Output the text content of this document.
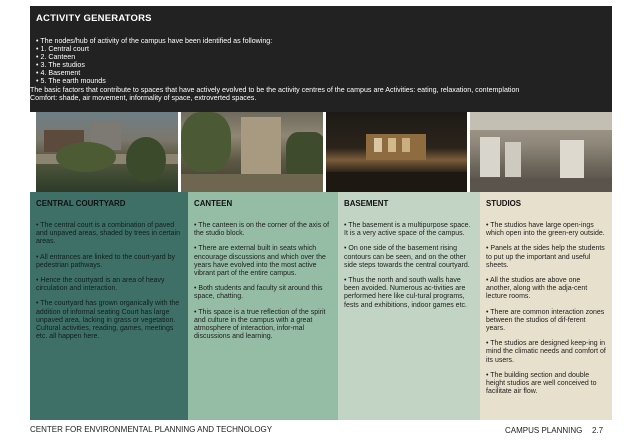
ACTIVITY GENERATORS
• The nodes/hub of activity of the campus have been identified as following:
• 1. Central court
• 2. Canteen
• 3. The studios
• 4. Basement
• 5. The earth mounds
The basic factors that contribute to spaces that have actively evolved to be the activity centres of the campus are Activities: eating, relaxation, contemplation
Comfort: shade, air movement, informality of space, extroverted spaces.
CENTRAL COURTYARD

• The central court is a combination of paved and unpaved areas, shaded by trees in certain areas.

• All entrances are linked to the court-yard by pedestrian pathways.

• Hence the courtyard is an area of heavy circulation and interaction.

• The courtyard has grown organically with the addition of informal seating Court has large unpaved area, lacking in grass or vegetation. Cultural activities, reading, games, meetings etc. all happen here.

CANTEEN

• The canteen is on the corner of the axis of the studio block.

• There are external built in seats which encourage discussions and which over the years have evolved into the most active vibrant part of the entire campus.

• Both students and faculty sit around this space, chatting.

• This space is a true reflection of the spirit and culture in the campus with a great atmosphere of interaction, infor-mal discussions and learning.

BASEMENT

• The basement is a multipurpose space. It is a very active space of the campus.

• On one side of the basement rising contours can be seen, and on the other side steps towards the central courtyard.

• Thus the north and south walls have been avoided. Numerous ac-tivities are performed here like cul-tural programs, fests and exhibitions, indoor games etc.

STUDIOS

• The studios have large open-ings which open into the green-ery outside.

• Panels at the sides help the students to put up the important and useful sheets.

• All the studios are above one another, along with the adja-cent lecture rooms.

• There are common interaction zones between the studios of dif-ferent years.

• The studios are designed keep-ing in mind the climatic needs and comfort of its users.

• The building section and double height studios are well conceived to facilitate air flow.

CENTER FOR ENVIRONMENTAL PLANNING AND TECHNOLOGY	CAMPUS PLANNING 2.7
